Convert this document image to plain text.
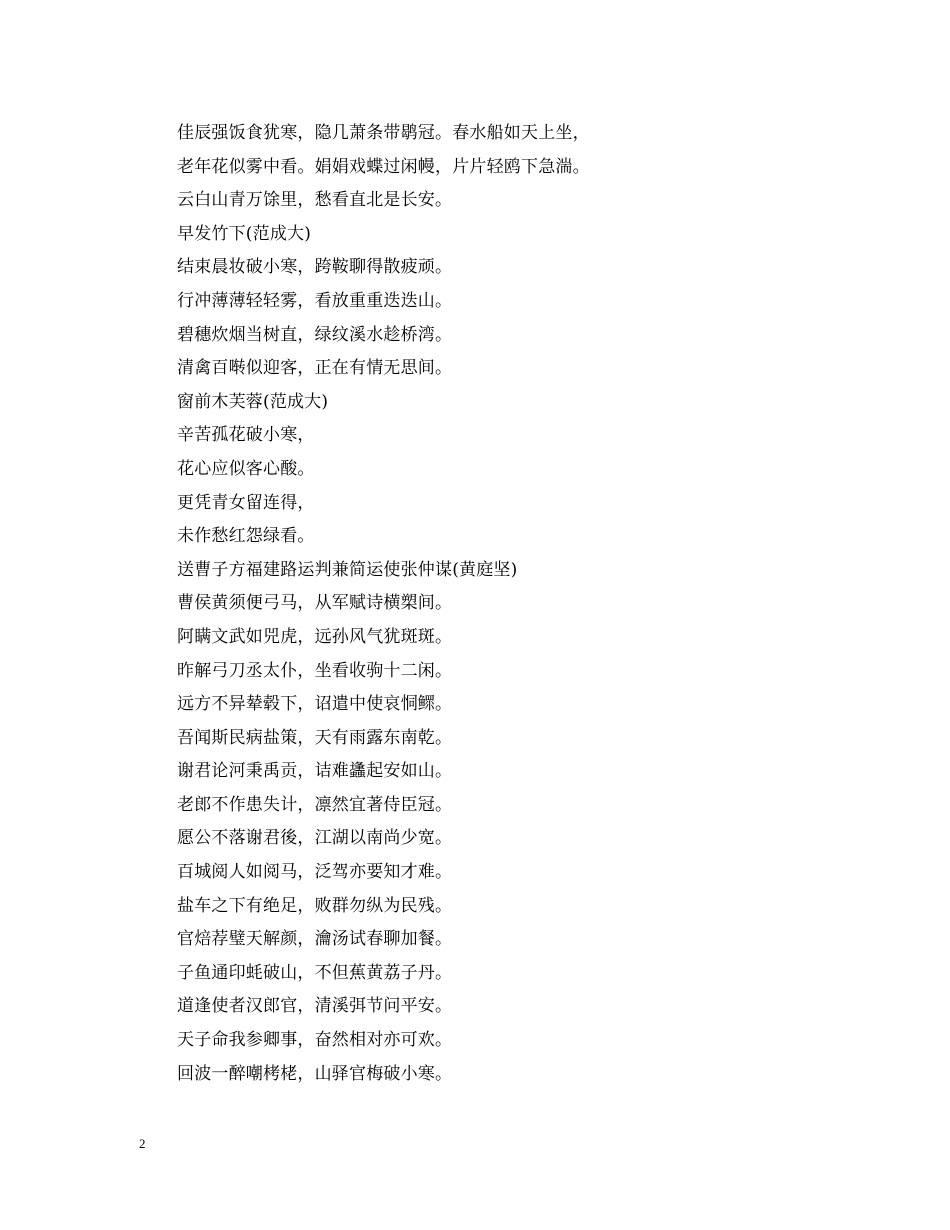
佳辰强饭食犹寒，隐几萧条带鹖冠。春水船如天上坐，
老年花似雾中看。娟娟戏蝶过闲幔，片片轻鸥下急湍。
云白山青万馀里，愁看直北是长安。
早发竹下(范成大)
结束晨妆破小寒，跨鞍聊得散疲顽。
行冲薄薄轻轻雾，看放重重迭迭山。
碧穗炊烟当树直，绿纹溪水趁桥湾。
清禽百啭似迎客，正在有情无思间。
窗前木芙蓉(范成大)
辛苦孤花破小寒，
花心应似客心酸。
更凭青女留连得，
未作愁红怨绿看。
送曹子方福建路运判兼简运使张仲谋(黄庭坚)
曹侯黄须便弓马，从军赋诗横槊间。
阿瞒文武如兕虎，远孙风气犹斑斑。
昨解弓刀丞太仆，坐看收驹十二闲。
远方不异辇毂下，诏遣中使哀恫鳏。
吾闻斯民病盐策，天有雨露东南乾。
谢君论河秉禹贡，诘难蠭起安如山。
老郎不作患失计，凛然宜著侍臣冠。
愿公不落谢君後，江湖以南尚少宽。
百城阅人如阅马，泛驾亦要知才难。
盐车之下有绝足，败群勿纵为民残。
官焙荐璧天解颜，瀹汤试春聊加餐。
子鱼通印蚝破山，不但蕉黄荔子丹。
道逢使者汉郎官，清溪弭节问平安。
天子命我参卿事，奋然相对亦可欢。
回波一醉嘲栲栳，山驿官梅破小寒。
2
